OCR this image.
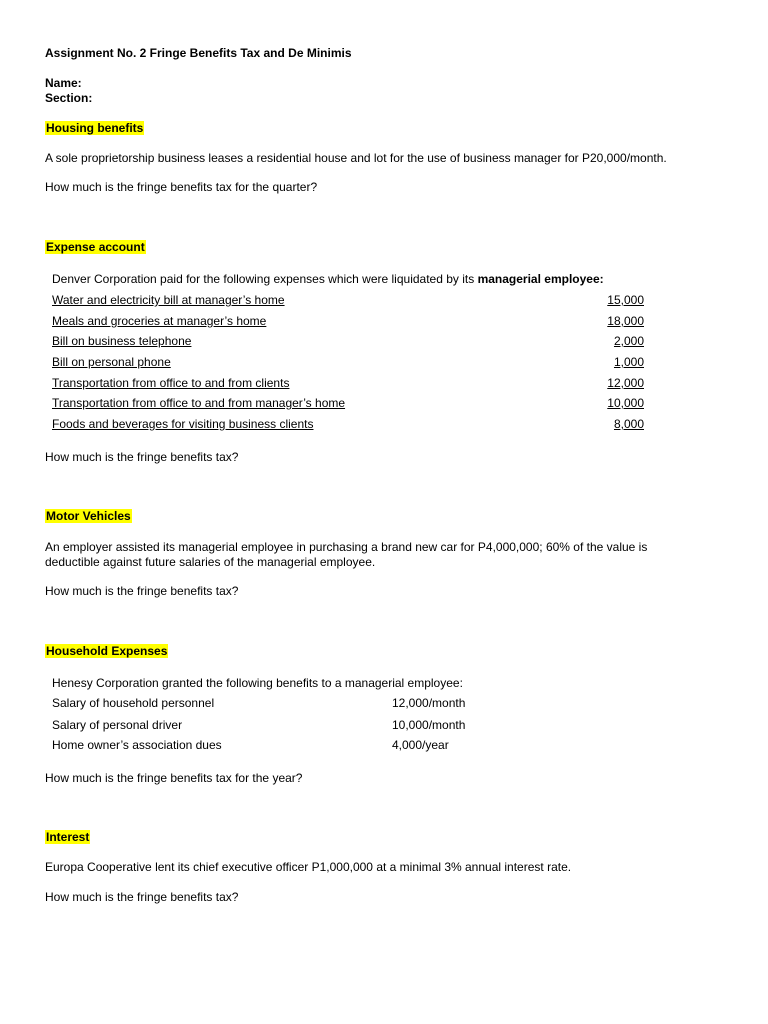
Assignment No. 2 Fringe Benefits Tax and De Minimis
Name:
Section:
Housing benefits
A sole proprietorship business leases a residential house and lot for the use of business manager for P20,000/month.
How much is the fringe benefits tax for the quarter?
Expense account
Denver Corporation paid for the following expenses which were liquidated by its managerial employee:
Water and electricity bill at manager’s home	15,000
Meals and groceries at manager’s home	18,000
Bill on business telephone	2,000
Bill on personal phone	1,000
Transportation from office to and from clients	12,000
Transportation from office to and from manager’s home	10,000
Foods and beverages for visiting business clients	8,000
How much is the fringe benefits tax?
Motor Vehicles
An employer assisted its managerial employee in purchasing a brand new car for P4,000,000; 60% of the value is
deductible against future salaries of the managerial employee.
How much is the fringe benefits tax?
Household Expenses
Henesy Corporation granted the following benefits to a managerial employee:
Salary of household personnel	12,000/month
Salary of personal driver	10,000/month
Home owner’s association dues	4,000/year
How much is the fringe benefits tax for the year?
Interest
Europa Cooperative lent its chief executive officer P1,000,000 at a minimal 3% annual interest rate.
How much is the fringe benefits tax?
